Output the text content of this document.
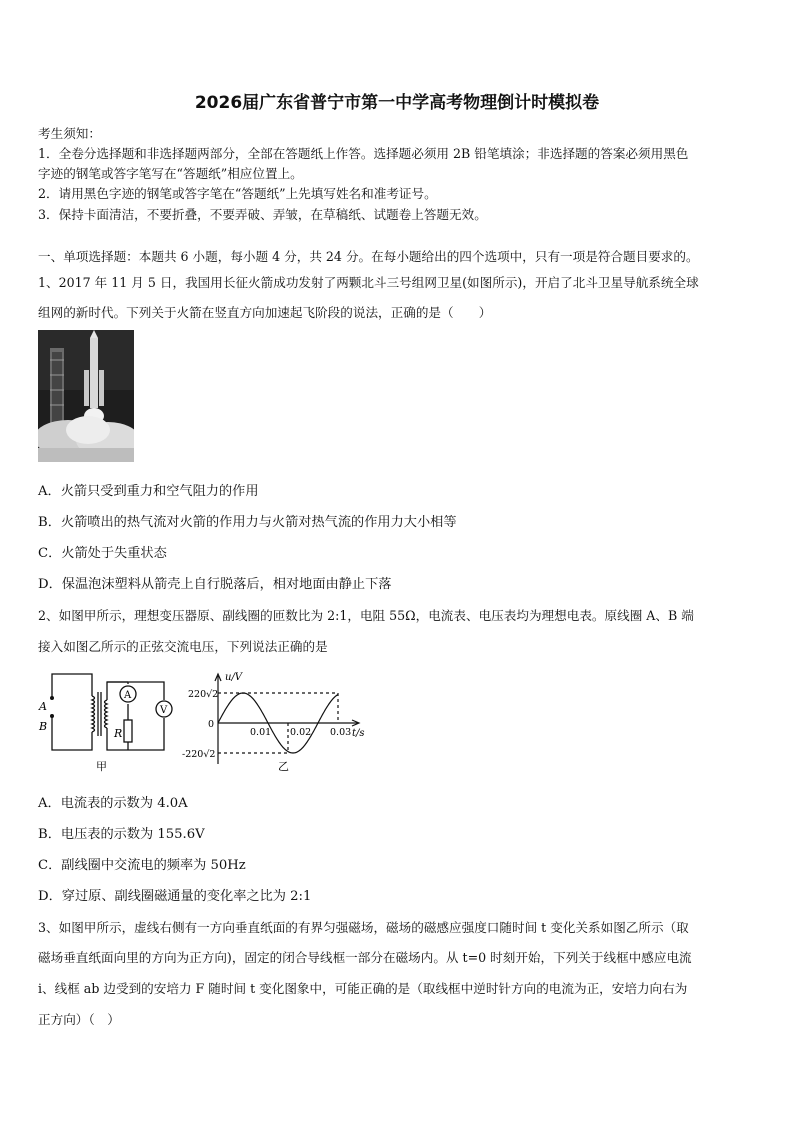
2026届广东省普宁市第一中学高考物理倒计时模拟卷
考生须知：
1．全卷分选择题和非选择题两部分，全部在答题纸上作答。选择题必须用 2B 铅笔填涂；非选择题的答案必须用黑色
字迹的钢笔或答字笔写在“答题纸”相应位置上。
2．请用黑色字迹的钢笔或答字笔在“答题纸”上先填写姓名和准考证号。
3．保持卡面清洁，不要折叠，不要弄破、弄皱，在草稿纸、试题卷上答题无效。
一、单项选择题：本题共 6 小题，每小题 4 分，共 24 分。在每小题给出的四个选项中，只有一项是符合题目要求的。
1、2017 年 11 月 5 日，我国用长征火箭成功发射了两颗北斗三号组网卫星(如图所示)，开启了北斗卫星导航系统全球
组网的新时代。下列关于火箭在竖直方向加速起飞阶段的说法，正确的是（　　）
A．火箭只受到重力和空气阻力的作用
B．火箭喷出的热气流对火箭的作用力与火箭对热气流的作用力大小相等
C．火箭处于失重状态
D．保温泡沫塑料从箭壳上自行脱落后，相对地面由静止下落
2、如图甲所示，理想变压器原、副线圈的匝数比为 2:1，电阻 55Ω，电流表、电压表均为理想电表。原线圈 A、B 端
接入如图乙所示的正弦交流电压，下列说法正确的是
A
B
R
A
V
甲
u/V
t/s
220√2
0
-220√2
0.01 0.02 0.03
乙
A．电流表的示数为 4.0A
B．电压表的示数为 155.6V
C．副线圈中交流电的频率为 50Hz
D．穿过原、副线圈磁通量的变化率之比为 2:1
3、如图甲所示，虚线右侧有一方向垂直纸面的有界匀强磁场，磁场的磁感应强度口随时间 t 变化关系如图乙所示（取
磁场垂直纸面向里的方向为正方向)，固定的闭合导线框一部分在磁场内。从 t=0 时刻开始，下列关于线框中感应电流
i、线框 ab 边受到的安培力 F 随时间 t 变化图象中，可能正确的是（取线框中逆时针方向的电流为正，安培力向右为
正方向）（　）
